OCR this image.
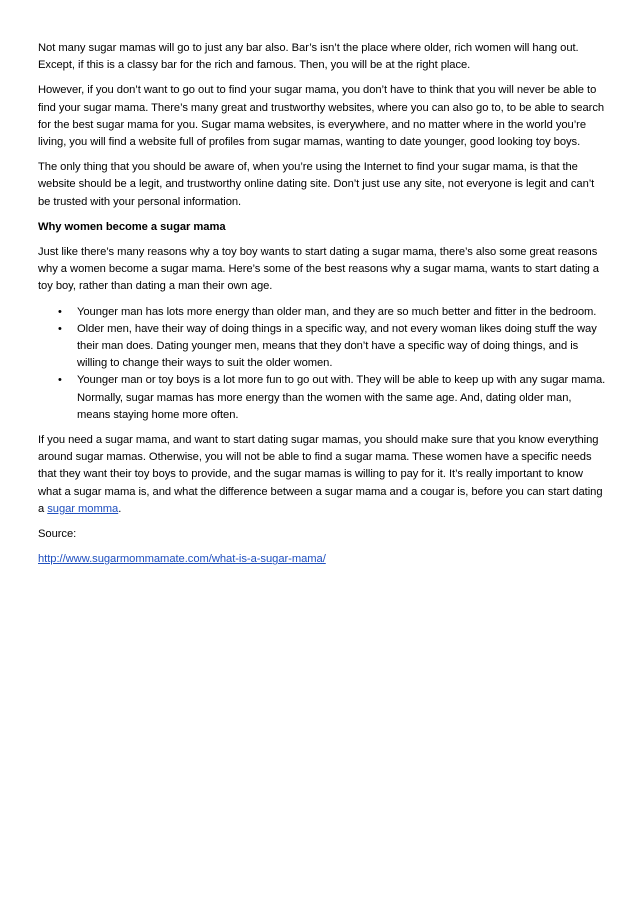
Not many sugar mamas will go to just any bar also. Bar’s isn’t the place where older, rich women will hang out. Except, if this is a classy bar for the rich and famous. Then, you will be at the right place.

However, if you don’t want to go out to find your sugar mama, you don’t have to think that you will never be able to find your sugar mama. There’s many great and trustworthy websites, where you can also go to, to be able to search for the best sugar mama for you. Sugar mama websites, is everywhere, and no matter where in the world you’re living, you will find a website full of profiles from sugar mamas, wanting to date younger, good looking toy boys.

The only thing that you should be aware of, when you’re using the Internet to find your sugar mama, is that the website should be a legit, and trustworthy online dating site. Don’t just use any site, not everyone is legit and can’t be trusted with your personal information.

Why women become a sugar mama

Just like there’s many reasons why a toy boy wants to start dating a sugar mama, there’s also some great reasons why a women become a sugar mama. Here’s some of the best reasons why a sugar mama, wants to start dating a toy boy, rather than dating a man their own age.

• Younger man has lots more energy than older man, and they are so much better and fitter in the bedroom.
• Older men, have their way of doing things in a specific way, and not every woman likes doing stuff the way their man does. Dating younger men, means that they don’t have a specific way of doing things, and is willing to change their ways to suit the older women.
• Younger man or toy boys is a lot more fun to go out with. They will be able to keep up with any sugar mama. Normally, sugar mamas has more energy than the women with the same age. And, dating older man, means staying home more often.

If you need a sugar mama, and want to start dating sugar mamas, you should make sure that you know everything around sugar mamas. Otherwise, you will not be able to find a sugar mama. These women have a specific needs that they want their toy boys to provide, and the sugar mamas is willing to pay for it. It’s really important to know what a sugar mama is, and what the difference between a sugar mama and a cougar is, before you can start dating a sugar momma.

Source:

http://www.sugarmommamate.com/what-is-a-sugar-mama/
